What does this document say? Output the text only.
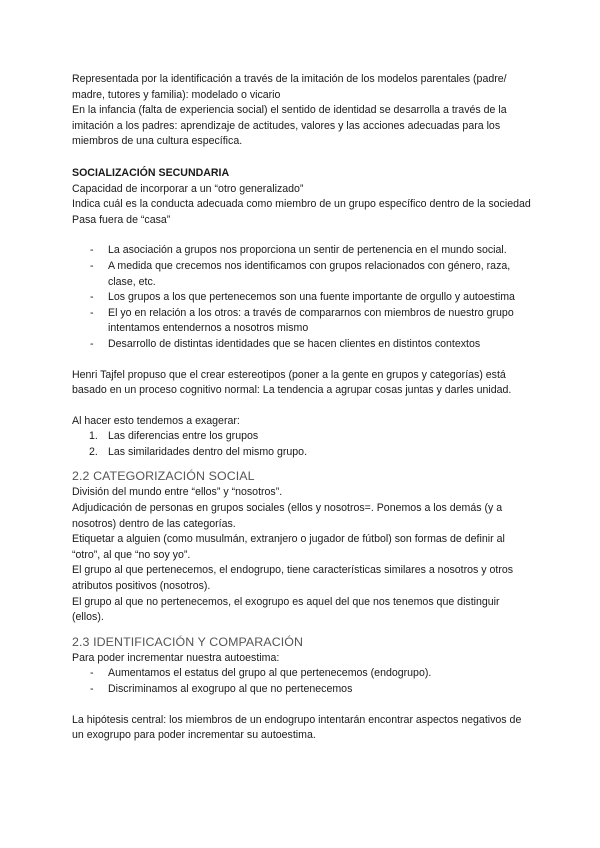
Representada por la identificación a través de la imitación de los modelos parentales (padre/ madre, tutores y familia): modelado o vicario

En la infancia (falta de experiencia social) el sentido de identidad se desarrolla a través de la imitación a los padres: aprendizaje de actitudes, valores y las acciones adecuadas para los miembros de una cultura específica.

SOCIALIZACIÓN SECUNDARIA

Capacidad de incorporar a un “otro generalizado”

Indica cuál es la conducta adecuada como miembro de un grupo específico dentro de la sociedad

Pasa fuera de “casa”

- La asociación a grupos nos proporciona un sentir de pertenencia en el mundo social.
- A medida que crecemos nos identificamos con grupos relacionados con género, raza, clase, etc.
- Los grupos a los que pertenecemos son una fuente importante de orgullo y autoestima
- El yo en relación a los otros: a través de compararnos con miembros de nuestro grupo intentamos entendernos a nosotros mismo
- Desarrollo de distintas identidades que se hacen clientes en distintos contextos

Henri Tajfel propuso que el crear estereotipos (poner a la gente en grupos y categorías) está basado en un proceso cognitivo normal: La tendencia a agrupar cosas juntas y darles unidad.

Al hacer esto tendemos a exagerar:

1. Las diferencias entre los grupos
2. Las similaridades dentro del mismo grupo.

2.2 CATEGORIZACIÓN SOCIAL

División del mundo entre “ellos” y “nosotros”.

Adjudicación de personas en grupos sociales (ellos y nosotros=. Ponemos a los demás (y a nosotros) dentro de las categorías.

Etiquetar a alguien (como musulmán, extranjero o jugador de fútbol) son formas de definir al “otro”, al que “no soy yo”.

El grupo al que pertenecemos, el endogrupo, tiene características similares a nosotros y otros atributos positivos (nosotros).

El grupo al que no pertenecemos, el exogrupo es aquel del que nos tenemos que distinguir (ellos).

2.3 IDENTIFICACIÓN Y COMPARACIÓN

Para poder incrementar nuestra autoestima:

- Aumentamos el estatus del grupo al que pertenecemos (endogrupo).
- Discriminamos al exogrupo al que no pertenecemos

La hipótesis central: los miembros de un endogrupo intentarán encontrar aspectos negativos de un exogrupo para poder incrementar su autoestima.
